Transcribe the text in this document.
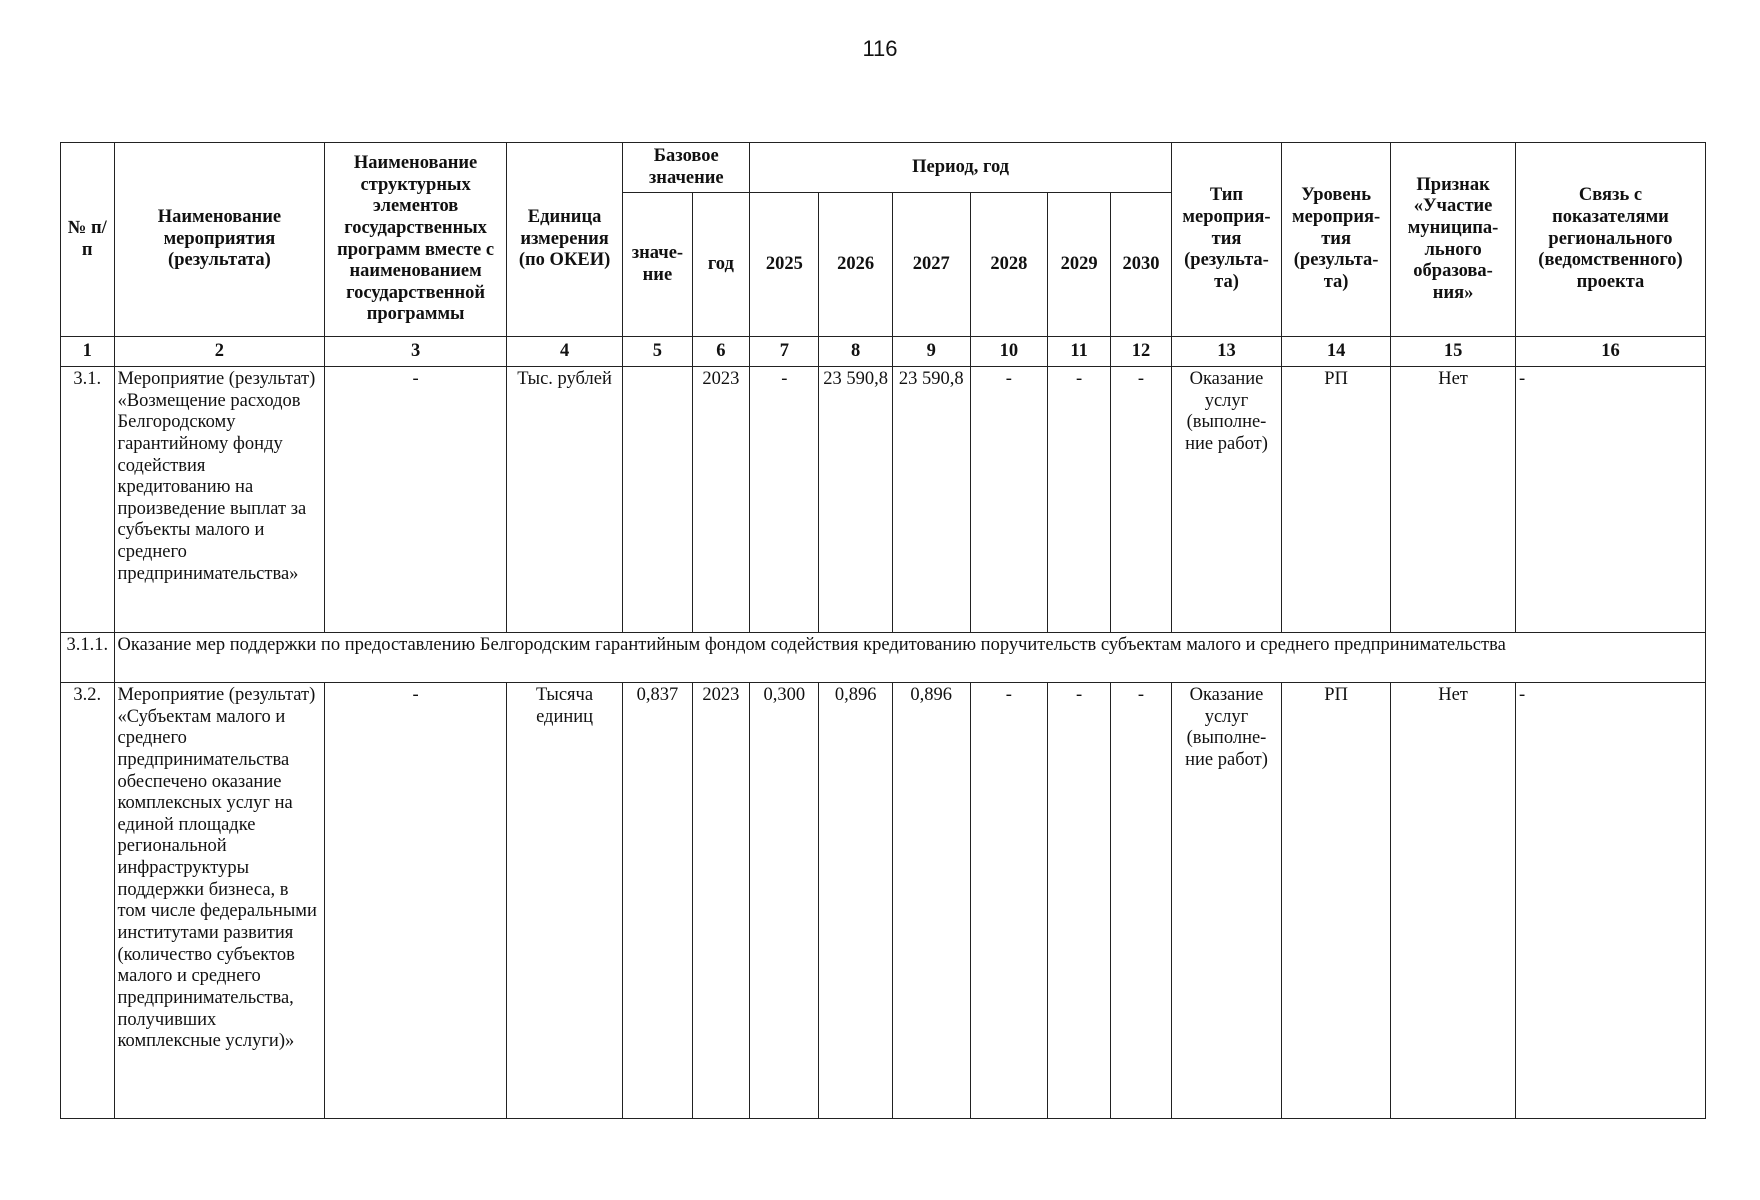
116
№ п/п	Наименование мероприятия (результата)	Наименование структурных элементов государственных программ вместе с наименованием государственной программы	Единица измерения (по ОКЕИ)	Базовое значение		Период, год						Тип мероприя-тия (результа-та)	Уровень мероприя-тия (результа-та)	Признак «Участие муниципа-льного образова-ния»	Связь с показателями регионального (ведомственного) проекта
				значе-ние	год	2025	2026	2027	2028	2029	2030				
1	2	3	4	5	6	7	8	9	10	11	12	13	14	15	16
3.1.	Мероприятие (результат) «Возмещение расходов Белгородскому гарантийному фонду содействия кредитованию на произведение выплат за субъекты малого и среднего предпринимательства»	-	Тыс. рублей		2023	-	23 590,8	23 590,8	-	-	-	Оказание услуг (выполне-ние работ)	РП	Нет	-
3.1.1.	Оказание мер поддержки по предоставлению Белгородским гарантийным фондом содействия кредитованию поручительств субъектам малого и среднего предпринимательства														
3.2.	Мероприятие (результат) «Субъектам малого и среднего предпринимательства обеспечено оказание комплексных услуг на единой площадке региональной инфраструктуры поддержки бизнеса, в том числе федеральными институтами развития (количество субъектов малого и среднего предпринимательства, получивших комплексные услуги)»	-	Тысяча единиц	0,837	2023	0,300	0,896	0,896	-	-	-	Оказание услуг (выполне-ние работ)	РП	Нет	-
